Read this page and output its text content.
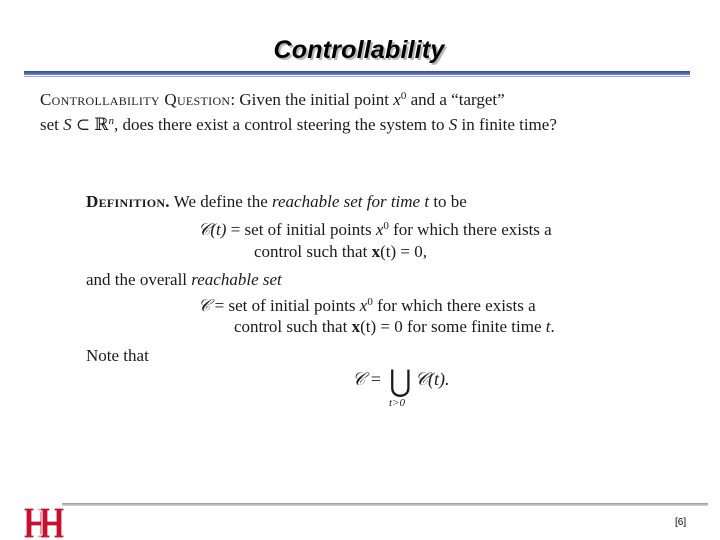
Controllability
Controllability Question: Given the initial point $x^0$ and a “target”
set S ⊂ ℝ$^n$, does there exist a control steering the system to S in finite time?
Definition. We define the reachable set for time t to be
𝒞(t) = set of initial points $x^0$ for which there exists a
control such that x(t) = 0,
and the overall reachable set
𝒞 = set of initial points $x^0$ for which there exists a
control such that x(t) = 0 for some finite time t.
Note that
𝒞 = ⋃ 𝒞(t).
t>0
[6]
